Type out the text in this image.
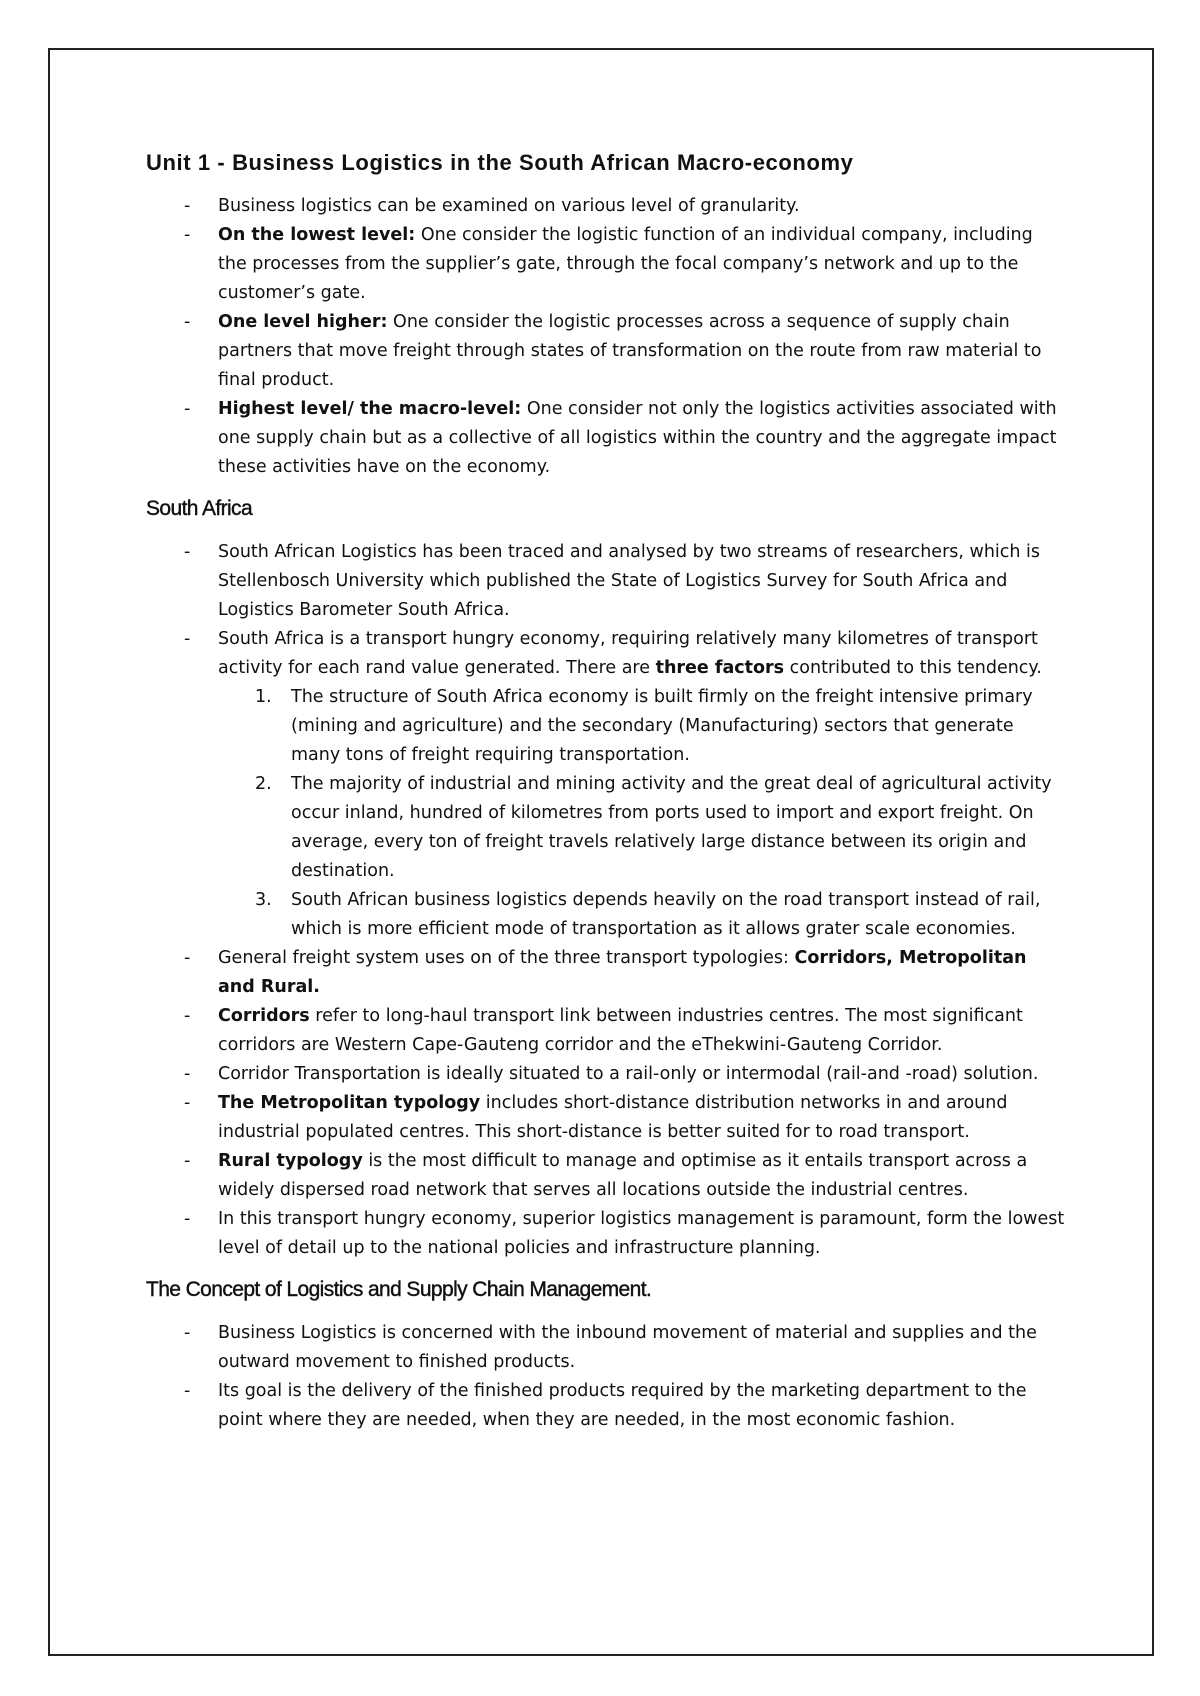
Unit 1 - Business Logistics in the South African Macro-economy
- Business logistics can be examined on various level of granularity.
- On the lowest level: One consider the logistic function of an individual company, including the processes from the supplier’s gate, through the focal company’s network and up to the customer’s gate.
- One level higher: One consider the logistic processes across a sequence of supply chain partners that move freight through states of transformation on the route from raw material to final product.
- Highest level/ the macro-level: One consider not only the logistics activities associated with one supply chain but as a collective of all logistics within the country and the aggregate impact these activities have on the economy.
South Africa
- South African Logistics has been traced and analysed by two streams of researchers, which is Stellenbosch University which published the State of Logistics Survey for South Africa and Logistics Barometer South Africa.
- South Africa is a transport hungry economy, requiring relatively many kilometres of transport activity for each rand value generated. There are three factors contributed to this tendency.
1. The structure of South Africa economy is built firmly on the freight intensive primary (mining and agriculture) and the secondary (Manufacturing) sectors that generate many tons of freight requiring transportation.
2. The majority of industrial and mining activity and the great deal of agricultural activity occur inland, hundred of kilometres from ports used to import and export freight. On average, every ton of freight travels relatively large distance between its origin and destination.
3. South African business logistics depends heavily on the road transport instead of rail, which is more efficient mode of transportation as it allows grater scale economies.
- General freight system uses on of the three transport typologies: Corridors, Metropolitan and Rural.
- Corridors refer to long-haul transport link between industries centres. The most significant corridors are Western Cape-Gauteng corridor and the eThekwini-Gauteng Corridor.
- Corridor Transportation is ideally situated to a rail-only or intermodal (rail-and -road) solution.
- The Metropolitan typology includes short-distance distribution networks in and around industrial populated centres. This short-distance is better suited for to road transport.
- Rural typology is the most difficult to manage and optimise as it entails transport across a widely dispersed road network that serves all locations outside the industrial centres.
- In this transport hungry economy, superior logistics management is paramount, form the lowest level of detail up to the national policies and infrastructure planning.
The Concept of Logistics and Supply Chain Management.
- Business Logistics is concerned with the inbound movement of material and supplies and the outward movement to finished products.
- Its goal is the delivery of the finished products required by the marketing department to the point where they are needed, when they are needed, in the most economic fashion.
